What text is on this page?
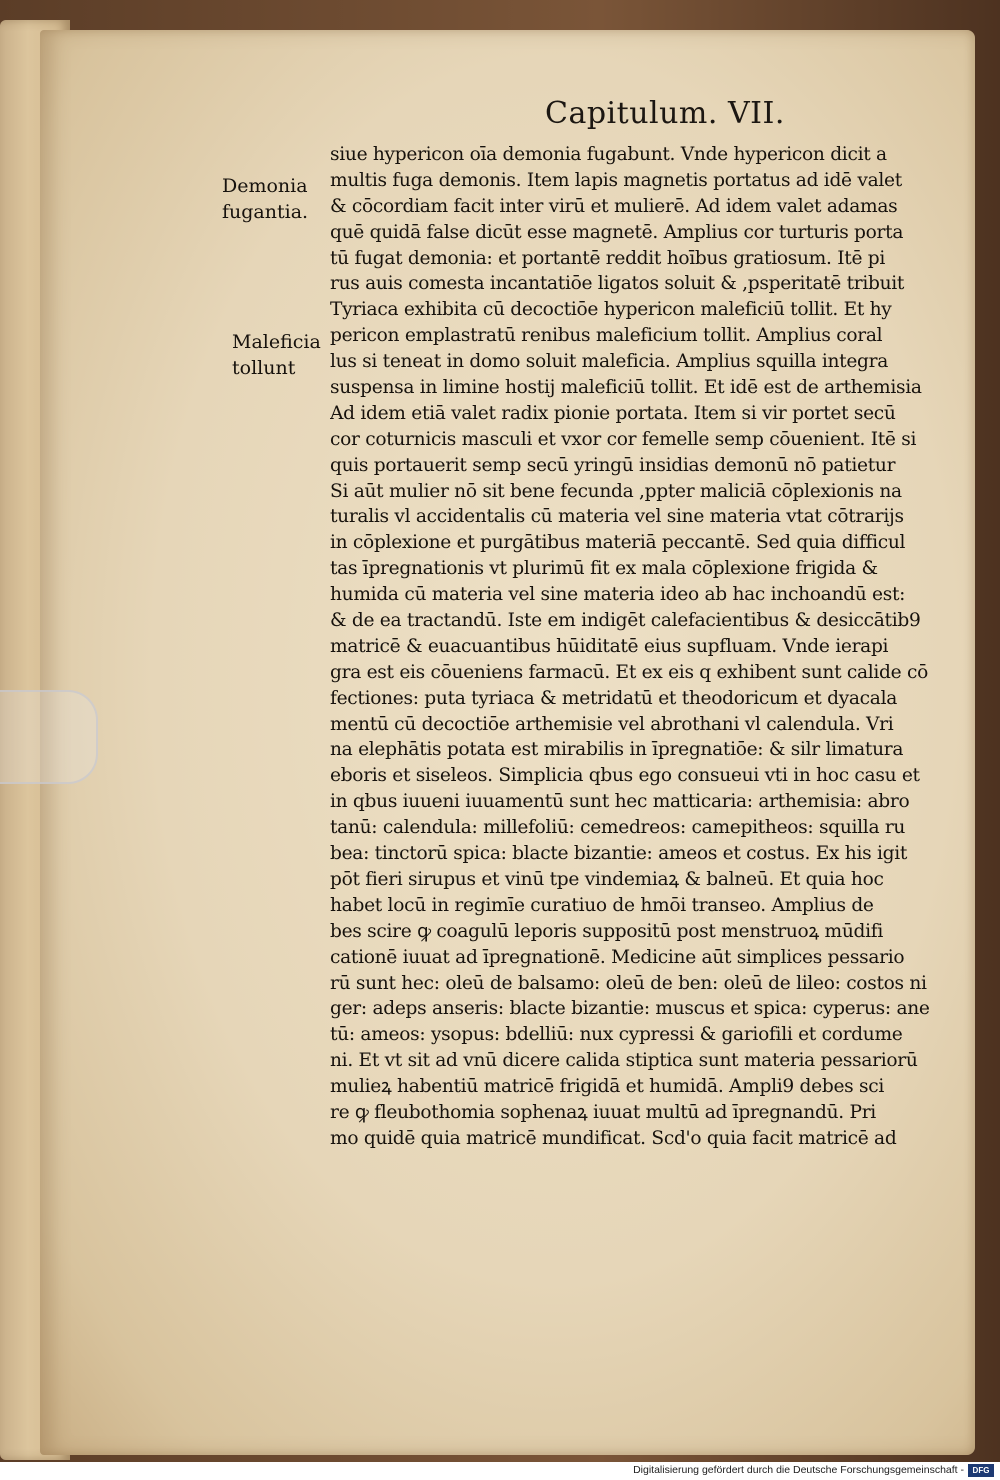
Capitulum. VII.
Demonia
fugantia.
Maleficia
tollunt
siue hypericon oīa demonia fugabunt. Vnde hypericon dicit a
multis fuga demonis. Item lapis magnetis portatus ad idē valet
& cōcordiam facit inter virū et mulierē. Ad idem valet adamas
quē quidā false dicūt esse magnetē. Amplius cor turturis porta
tū fugat demonia: et portantē reddit hoībus gratiosum. Itē pi
rus auis comesta incantatiōe ligatos soluit & ,psperitatē tribuit
Tyriaca exhibita cū decoctiōe hypericon maleficiū tollit. Et hy
pericon emplastratū renibus maleficium tollit. Amplius coral
lus si teneat in domo soluit maleficia. Amplius squilla integra
suspensa in limine hostij maleficiū tollit. Et idē est de arthemisia
Ad idem etiā valet radix pionie portata. Item si vir portet secū
cor coturnicis masculi et vxor cor femelle semp cōuenient. Itē si
quis portauerit semp secū yringū insidias demonū nō patietur
Si aūt mulier nō sit bene fecunda ,ppter maliciā cōplexionis na
turalis vl accidentalis cū materia vel sine materia vtat cōtrarijs
in cōplexione et purgātibus materiā peccantē. Sed quia difficul
tas īpregnationis vt plurimū fit ex mala cōplexione frigida &
humida cū materia vel sine materia ideo ab hac inchoandū est:
& de ea tractandū. Iste em indigēt calefacientibus & desiccātib9
matricē & euacuantibus hūiditatē eius supfluam. Vnde ierapi
gra est eis cōueniens farmacū. Et ex eis q exhibent sunt calide cō
fectiones: puta tyriaca & metridatū et theodoricum et dyacala
mentū cū decoctiōe arthemisie vel abrothani vl calendula. Vri
na elephātis potata est mirabilis in īpregnatiōe: & silr limatura
eboris et siseleos. Simplicia qbus ego consueui vti in hoc casu et
in qbus iuueni iuuamentū sunt hec matticaria: arthemisia: abro
tanū: calendula: millefoliū: cemedreos: camepitheos: squilla ru
bea: tinctorū spica: blacte bizantie: ameos et costus. Ex his igit
pōt fieri sirupus et vinū tpe vindemiaꝝ & balneū. Et quia hoc
habet locū in regimīe curatiuo de hmōi transeo. Amplius de
bes scire ꝙ coagulū leporis suppositū post menstruoꝝ mūdifi
cationē iuuat ad īpregnationē. Medicine aūt simplices pessario
rū sunt hec: oleū de balsamo: oleū de ben: oleū de lileo: costos ni
ger: adeps anseris: blacte bizantie: muscus et spica: cyperus: ane
tū: ameos: ysopus: bdelliū: nux cypressi & gariofili et cordume
ni. Et vt sit ad vnū dicere calida stiptica sunt materia pessariorū
mulieꝝ habentiū matricē frigidā et humidā. Ampli9 debes sci
re ꝙ fleubothomia sophenaꝝ iuuat multū ad īpregnandū. Pri
mo quidē quia matricē mundificat. Scd'o quia facit matricē ad
Digitalisierung gefördert durch die Deutsche Forschungsgemeinschaft -	DFG
